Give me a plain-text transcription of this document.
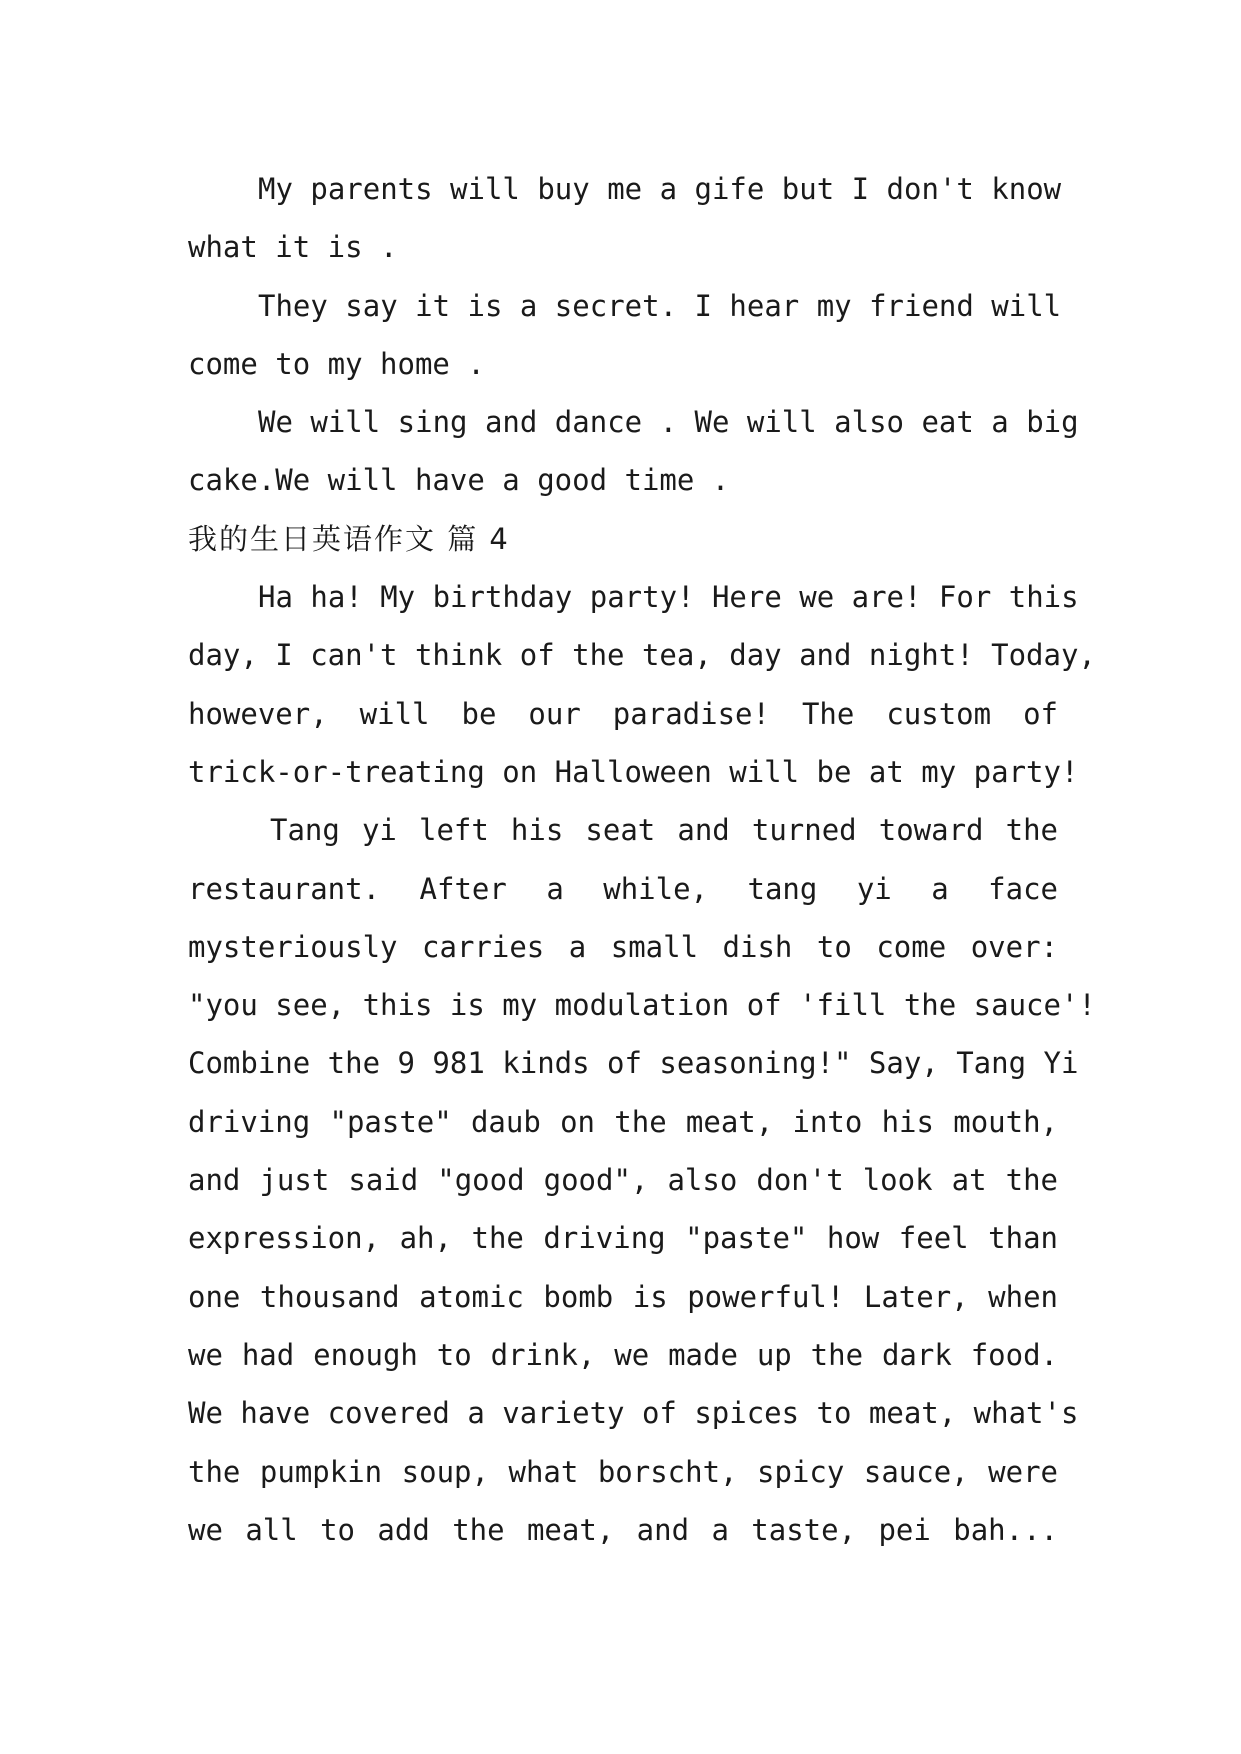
My parents will buy me a gife but I don't know
what it is .
They say it is a secret. I hear my friend will
come to my home .
We will sing and dance . We will also eat a big
cake.We will have a good time .
我的生日英语作文 篇 4
Ha ha! My birthday party! Here we are! For this
day, I can't think of the tea, day and night! Today,
however, will be our paradise! The custom of
trick-or-treating on Halloween will be at my party!
Tang yi left his seat and turned toward the
restaurant. After a while, tang yi a face
mysteriously carries a small dish to come over:
"you see, this is my modulation of 'fill the sauce'!
Combine the 9 981 kinds of seasoning!" Say, Tang Yi
driving "paste" daub on the meat, into his mouth,
and just said "good good", also don't look at the
expression, ah, the driving "paste" how feel than
one thousand atomic bomb is powerful! Later, when
we had enough to drink, we made up the dark food.
We have covered a variety of spices to meat, what's
the pumpkin soup, what borscht, spicy sauce, were
we all to add the meat, and a taste, pei bah...
